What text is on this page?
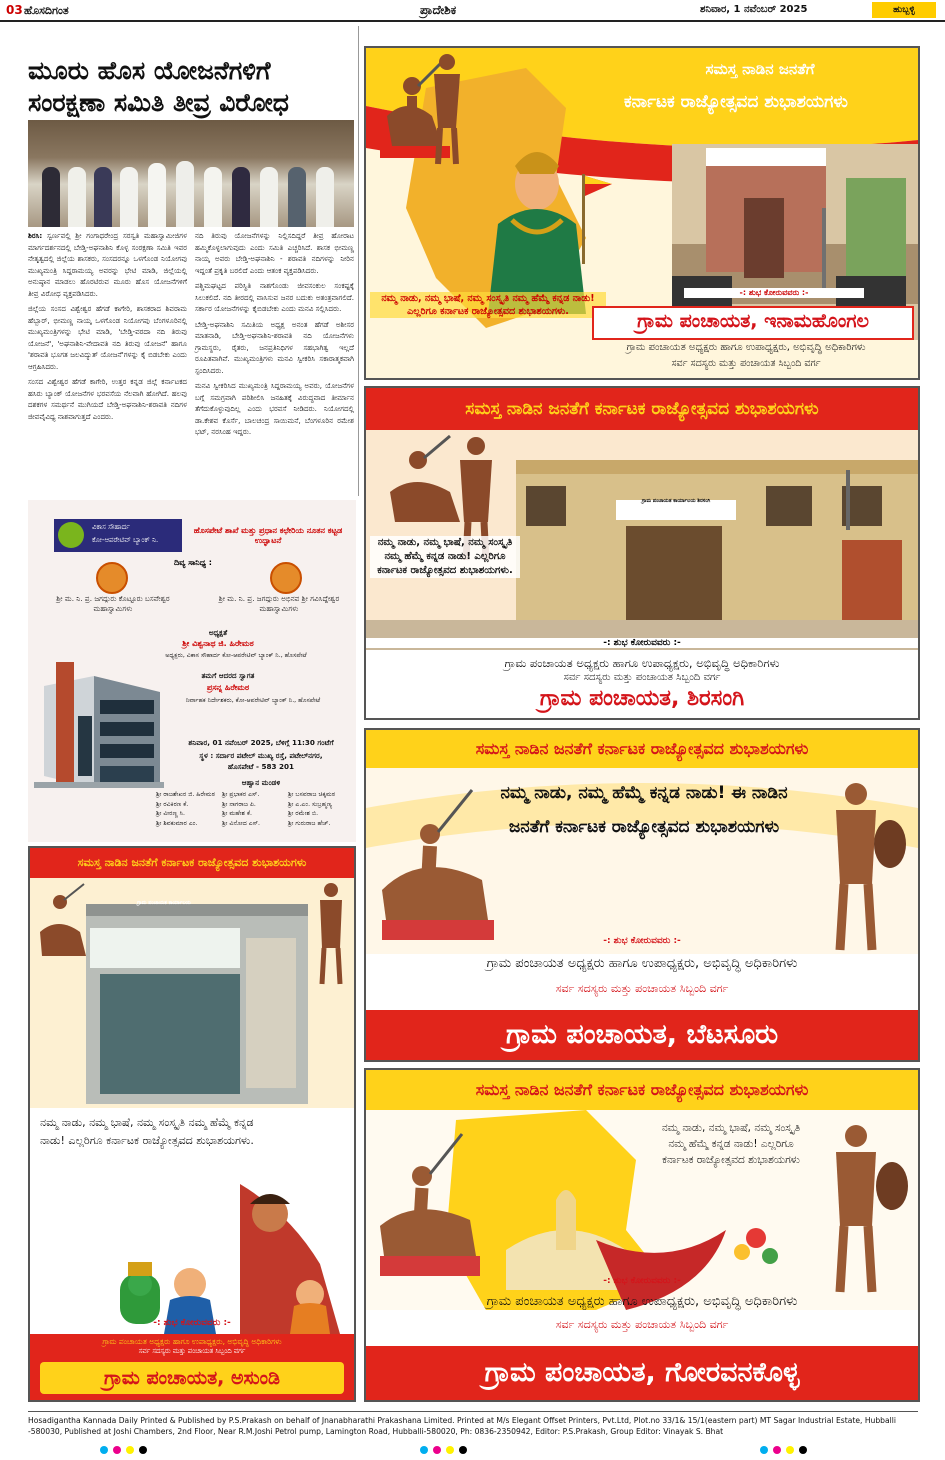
03 ಹೊಸದಿಗಂತ	ಪ್ರಾದೇಶಿಕ	ಶನಿವಾರ, 1 ನವೆಂಬರ್ 2025	ಹುಬ್ಬಳ್ಳಿ
ಮೂರು ಹೊಸ ಯೋಜನೆಗಳಿಗೆ
ಸಂರಕ್ಷಣಾ ಸಮಿತಿ ತೀವ್ರ ವಿರೋಧ

ಶಿರಸಿ: ಸ್ವರ್ಣವಲ್ಲಿ ಶ್ರೀ ಗಂಗಾಧರೇಂದ್ರ ಸರಸ್ವತಿ ಮಹಾಸ್ವಾಮೀಜಿಗಳ ಮಾರ್ಗದರ್ಶನದಲ್ಲಿ ಬೇಡ್ತಿ-ಅಘನಾಶಿನಿ ಕೊಳ್ಳ ಸಂರಕ್ಷಣಾ ಸಮಿತಿ ಇವರ ನೇತೃತ್ವದಲ್ಲಿ ಜಿಲ್ಲೆಯ ಶಾಸಕರು, ಸಂಸದರನ್ನೂ ಒಳಗೊಂಡ ನಿಯೋಗವು ಮುಖ್ಯಮಂತ್ರಿ ಸಿದ್ದರಾಮಯ್ಯ ಅವರನ್ನು ಭೇಟಿ ಮಾಡಿ, ಜಿಲ್ಲೆಯಲ್ಲಿ ಅನುಷ್ಠಾನ ಮಾಡಲು ಹೊರಟಿರುವ ಮೂರು ಹೊಸ ಯೋಜನೆಗಳಿಗೆ ತೀವ್ರ ವಿರೋಧ ವ್ಯಕ್ತಪಡಿಸಿದರು.

ಜಿಲ್ಲೆಯ ಸಂಸದ ವಿಶ್ವೇಶ್ವರ ಹೆಗಡೆ ಕಾಗೇರಿ, ಶಾಸಕರಾದ ಶಿವರಾಮ ಹೆಬ್ಬಾರ್, ಭೀಮಣ್ಣ ನಾಯ್ಕ ಒಳಗೊಂಡ ನಿಯೋಗವು ಬೆಂಗಳೂರಿನಲ್ಲಿ ಮುಖ್ಯಮಂತ್ರಿಗಳನ್ನು ಭೇಟಿ ಮಾಡಿ, 'ಬೇಡ್ತಿ-ವರದಾ ನದಿ ತಿರುವು ಯೋಜನೆ', 'ಅಘನಾಶಿನಿ-ವೇದಾವತಿ ನದಿ ತಿರುವು ಯೋಜನೆ' ಹಾಗೂ 'ಶರಾವತಿ ಭೂಗತ ಜಲವಿದ್ಯುತ್ ಯೋಜನೆ'ಗಳನ್ನು ಕೈ ಬಿಡಬೇಕು ಎಂದು ಆಗ್ರಹಿಸಿದರು.

ಸಂಸದ ವಿಶ್ವೇಶ್ವರ ಹೆಗಡೆ ಕಾಗೇರಿ, ಉತ್ತರ ಕನ್ನಡ ಜಿಲ್ಲೆ ಕರ್ನಾಟಕದ ಹಸಿರು ಬ್ಯಾಂಕ್ ಯೋಜನೆಗಳ ಭರವಸೆಯ ನೆಲವಾಗಿ ಹೋಗಿದೆ. ಹಲವು ದಶಕಗಳ ಸಮರ್ಥನೆ ಮುಗಿಯದೆ ಬೇಡ್ತಿ-ಅಘನಾಶಿನಿ-ಶರಾವತಿ ನದಿಗಳ ಜೀವವೈವಿಧ್ಯ ನಾಶವಾಗುತ್ತದೆ ಎಂದರು.

ನದಿ ತಿರುವು ಯೋಜನೆಗಳನ್ನು ನಿಲ್ಲಿಸದಿದ್ದರೆ ತೀವ್ರ ಹೋರಾಟ ಹಮ್ಮಿಕೊಳ್ಳಲಾಗುವುದು ಎಂದು ಸಮಿತಿ ಎಚ್ಚರಿಸಿದೆ. ಶಾಸಕ ಭೀಮಣ್ಣ ನಾಯ್ಕ ಅವರು ಬೇಡ್ತಿ-ಅಘನಾಶಿನಿ - ಶರಾವತಿ ನದಿಗಳನ್ನು ನೀರಿನ ಇದ್ದಂತೆ ಪ್ರಕೃತಿ ಬರಲಿದೆ ಎಂದು ಆತಂಕ ವ್ಯಕ್ತಪಡಿಸಿದರು.

ಪಶ್ಚಿಮಘಟ್ಟದ ಪರಿಸ್ಥಿತಿ ನಾಶಗೊಂಡು ಜೀವಸಂಕುಲ ಸಂಕಷ್ಟಕ್ಕೆ ಸಿಲುಕಲಿದೆ. ನದಿ ತೀರದಲ್ಲಿ ವಾಸಿಸುವ ಜನರ ಬದುಕು ಅತಂತ್ರವಾಗಲಿದೆ. ಸರ್ಕಾರ ಯೋಜನೆಗಳನ್ನು ಕೈಬಿಡಬೇಕು ಎಂದು ಮನವಿ ಸಲ್ಲಿಸಿದರು.

ಬೇಡ್ತಿ-ಅಘನಾಶಿನಿ ಸಮಿತಿಯ ಅಧ್ಯಕ್ಷ ಅನಂತ ಹೆಗಡೆ ಅಶೀಸರ ಮಾತನಾಡಿ, ಬೇಡ್ತಿ-ಅಘನಾಶಿನಿ-ಶರಾವತಿ ನದಿ ಯೋಜನೆಗಳು ಗ್ರಾಮಸ್ಥರು, ರೈತರು, ಜನಪ್ರತಿನಿಧಿಗಳ ಸಹಭಾಗಿತ್ವ ಇಲ್ಲದೆ ರೂಪಿತವಾಗಿವೆ. ಮುಖ್ಯಮಂತ್ರಿಗಳು ಮನವಿ ಸ್ವೀಕರಿಸಿ ಸಕಾರಾತ್ಮಕವಾಗಿ ಸ್ಪಂದಿಸಿದರು.

ಮನವಿ ಸ್ವೀಕರಿಸಿದ ಮುಖ್ಯಮಂತ್ರಿ ಸಿದ್ದರಾಮಯ್ಯ ಅವರು, ಯೋಜನೆಗಳ ಬಗ್ಗೆ ಸಮಗ್ರವಾಗಿ ಪರಿಶೀಲಿಸಿ ಜನಹಿತಕ್ಕೆ ವಿರುದ್ಧವಾದ ತೀರ್ಮಾನ ತೆಗೆದುಕೊಳ್ಳುವುದಿಲ್ಲ ಎಂದು ಭರವಸೆ ನೀಡಿದರು. ನಿಯೋಗದಲ್ಲಿ ಡಾ.ಕೇಶವ ಕೊರ್ಸೆ, ಬಾಲಚಂದ್ರ ಸಾಯಿಮನೆ, ಬೆಂಗಳೂರಿನ ರಮೇಶ ಭಟ್, ನರಸಿಂಹ ಇದ್ದರು.

ವಿಕಾಸ ಸೌಹಾರ್ದ
ಕೋ-ಆಪರೇಟಿವ್ ಬ್ಯಾಂಕ್ ನಿ.
ಹೊಸಪೇಟೆ ಶಾಖೆ ಮತ್ತು ಪ್ರಧಾನ ಕಛೇರಿಯ ನೂತನ ಕಟ್ಟಡ ಉದ್ಘಾಟನೆ
ದಿವ್ಯ ಸಾನಿಧ್ಯ :
ಶ್ರೀ ಮ. ನಿ. ಪ್ರ. ಜಗದ್ಗುರು ಕೊಟ್ಟೂರು ಬಸವೇಶ್ವರ ಮಹಾಸ್ವಾಮಿಗಳು
ಶ್ರೀ ಮ. ನಿ. ಪ್ರ. ಜಗದ್ಗುರು ಅಭಿನವ ಶ್ರೀ ಗವಿಸಿದ್ದೇಶ್ವರ ಮಹಾಸ್ವಾಮಿಗಳು
ಅಧ್ಯಕ್ಷತೆ
ಶ್ರೀ ವಿಶ್ವನಾಥ ಜಿ. ಹಿರೇಮಠ
ಅಧ್ಯಕ್ಷರು, ವಿಕಾಸ ಸೌಹಾರ್ದ ಕೋ-ಆಪರೇಟಿವ್ ಬ್ಯಾಂಕ್ ನಿ., ಹೊಸಪೇಟೆ
ತಮಗೆ ಆದರದ ಸ್ವಾಗತ
ಪ್ರಸನ್ನ ಹಿರೇಮಠ
ನಿರ್ವಾಹಕ ನಿರ್ದೇಶಕರು, ಕೋ-ಆಪರೇಟಿವ್ ಬ್ಯಾಂಕ್ ನಿ., ಹೊಸಪೇಟೆ
ಶನಿವಾರ, 01 ನವೆಂಬರ್ 2025, ಬೆಳಿಗ್ಗೆ 11:30 ಗಂಟೆಗೆ
ಸ್ಥಳ : ಸರ್ದಾರ ಪಟೇಲ್ ಮುಖ್ಯ ರಸ್ತೆ, ಪಟೇಲ್‌ನಗರ,
ಹೊಸಪೇಟೆ - 583 201
ಆಹ್ವಾನ ಮಂಡಳಿ
ಶ್ರೀ ರಾಜಶೇಖರ ಜಿ. ಹಿರೇಮಠ
ಶ್ರೀ ರವಿಕಿರಣ ಕೆ.
ಶ್ರೀ ವೀರಣ್ಣ ಸಿ.
ಶ್ರೀ ಶಿವಕುಮಾರ ಎಂ.
ಶ್ರೀ ಪ್ರಭಾಕರ ಎಸ್.
ಶ್ರೀ ನಾಗರಾಜ ಪಿ.
ಶ್ರೀ ಮಹೇಶ ಕೆ.
ಶ್ರೀ ವಿನೋದ ಎಸ್.
ಶ್ರೀ ಬಸವರಾಜ ಚಿಕ್ಕಮಠ
ಶ್ರೀ ಎ.ಎಂ. ಸುಬ್ರಹ್ಮಣ್ಯ
ಶ್ರೀ ರಮೇಶ ಬಿ.
ಶ್ರೀ ಗುರುರಾಜ ಹೆಚ್.
ಸಮಸ್ತ ನಾಡಿನ ಜನತೆಗೆ
ಕರ್ನಾಟಕ ರಾಜ್ಯೋತ್ಸವದ ಶುಭಾಶಯಗಳು
ಗ್ರಾಮ ಪಂಚಾಯತ ಕಾರ್ಯಾಲಯ ಇನಾಮಹೊಂಗಲ
ನಮ್ಮ ನಾಡು, ನಮ್ಮ ಭಾಷೆ, ನಮ್ಮ ಸಂಸ್ಕೃತಿ ನಮ್ಮ ಹೆಮ್ಮೆ ಕನ್ನಡ ನಾಡು! ಎಲ್ಲರಿಗೂ ಕರ್ನಾಟಕ ರಾಜ್ಯೋತ್ಸವದ ಶುಭಾಶಯಗಳು.
-: ಶುಭ ಕೋರುವವರು :-
ಗ್ರಾಮ ಪಂಚಾಯತ, ಇನಾಮಹೊಂಗಲ
ಗ್ರಾಮ ಪಂಚಾಯತ ಅಧ್ಯಕ್ಷರು ಹಾಗೂ ಉಪಾಧ್ಯಕ್ಷರು, ಅಭಿವೃದ್ಧಿ ಅಧಿಕಾರಿಗಳು
ಸರ್ವ ಸದಸ್ಯರು ಮತ್ತು ಪಂಚಾಯತ ಸಿಬ್ಬಂದಿ ವರ್ಗ
ಸಮಸ್ತ ನಾಡಿನ ಜನತೆಗೆ ಕರ್ನಾಟಕ ರಾಜ್ಯೋತ್ಸವದ ಶುಭಾಶಯಗಳು
ನಮ್ಮ ನಾಡು, ನಮ್ಮ ಭಾಷೆ, ನಮ್ಮ ಸಂಸ್ಕೃತಿ ನಮ್ಮ ಹೆಮ್ಮೆ ಕನ್ನಡ ನಾಡು! ಎಲ್ಲರಿಗೂ ಕರ್ನಾಟಕ ರಾಜ್ಯೋತ್ಸವದ ಶುಭಾಶಯಗಳು.
ಗ್ರಾಮ ಪಂಚಾಯತ ಕಾರ್ಯಾಲಯ ಶಿರಸಂಗಿ
-: ಶುಭ ಕೋರುವವರು :-
ಗ್ರಾಮ ಪಂಚಾಯತ ಅಧ್ಯಕ್ಷರು ಹಾಗೂ ಉಪಾಧ್ಯಕ್ಷರು, ಅಭಿವೃದ್ಧಿ ಅಧಿಕಾರಿಗಳು
ಸರ್ವ ಸದಸ್ಯರು ಮತ್ತು ಪಂಚಾಯತ ಸಿಬ್ಬಂದಿ ವರ್ಗ
ಗ್ರಾಮ ಪಂಚಾಯತ, ಶಿರಸಂಗಿ
ಸಮಸ್ತ ನಾಡಿನ ಜನತೆಗೆ ಕರ್ನಾಟಕ ರಾಜ್ಯೋತ್ಸವದ ಶುಭಾಶಯಗಳು
ನಮ್ಮ ನಾಡು, ನಮ್ಮ ಹೆಮ್ಮೆ ಕನ್ನಡ ನಾಡು! ಈ ನಾಡಿನ ಜನತೆಗೆ ಕರ್ನಾಟಕ ರಾಜ್ಯೋತ್ಸವದ ಶುಭಾಶಯಗಳು
-: ಶುಭ ಕೋರುವವರು :-
ಗ್ರಾಮ ಪಂಚಾಯತ ಅಧ್ಯಕ್ಷರು ಹಾಗೂ ಉಪಾಧ್ಯಕ್ಷರು, ಅಭಿವೃದ್ಧಿ ಅಧಿಕಾರಿಗಳು
ಸರ್ವ ಸದಸ್ಯರು ಮತ್ತು ಪಂಚಾಯತ ಸಿಬ್ಬಂದಿ ವರ್ಗ
ಗ್ರಾಮ ಪಂಚಾಯತ, ಬೆಟಸೂರು
ಸಮಸ್ತ ನಾಡಿನ ಜನತೆಗೆ ಕರ್ನಾಟಕ ರಾಜ್ಯೋತ್ಸವದ ಶುಭಾಶಯಗಳು
ಗ್ರಾಮ ಪಂಚಾಯತ ಕಾರ್ಯಾಲಯ
ನಮ್ಮ ನಾಡು, ನಮ್ಮ ಭಾಷೆ, ನಮ್ಮ ಸಂಸ್ಕೃತಿ ನಮ್ಮ ಹೆಮ್ಮೆ ಕನ್ನಡ ನಾಡು! ಎಲ್ಲರಿಗೂ ಕರ್ನಾಟಕ ರಾಜ್ಯೋತ್ಸವದ ಶುಭಾಶಯಗಳು.
-: ಶುಭ ಕೋರುವವರು :-
ಗ್ರಾಮ ಪಂಚಾಯತ ಅಧ್ಯಕ್ಷರು ಹಾಗೂ ಉಪಾಧ್ಯಕ್ಷರು, ಅಭಿವೃದ್ಧಿ ಅಧಿಕಾರಿಗಳು
ಸರ್ವ ಸದಸ್ಯರು ಮತ್ತು ಪಂಚಾಯತ ಸಿಬ್ಬಂದಿ ವರ್ಗ
ಗ್ರಾಮ ಪಂಚಾಯತ, ಅಸುಂಡಿ
ಸಮಸ್ತ ನಾಡಿನ ಜನತೆಗೆ ಕರ್ನಾಟಕ ರಾಜ್ಯೋತ್ಸವದ ಶುಭಾಶಯಗಳು
ನಮ್ಮ ನಾಡು, ನಮ್ಮ ಭಾಷೆ, ನಮ್ಮ ಸಂಸ್ಕೃತಿ ನಮ್ಮ ಹೆಮ್ಮೆ ಕನ್ನಡ ನಾಡು! ಎಲ್ಲರಿಗೂ ಕರ್ನಾಟಕ ರಾಜ್ಯೋತ್ಸವದ ಶುಭಾಶಯಗಳು
-: ಶುಭ ಕೋರುವವರು :-
ಗ್ರಾಮ ಪಂಚಾಯತ ಅಧ್ಯಕ್ಷರು ಹಾಗೂ ಉಪಾಧ್ಯಕ್ಷರು, ಅಭಿವೃದ್ಧಿ ಅಧಿಕಾರಿಗಳು
ಸರ್ವ ಸದಸ್ಯರು ಮತ್ತು ಪಂಚಾಯತ ಸಿಬ್ಬಂದಿ ವರ್ಗ
ಗ್ರಾಮ ಪಂಚಾಯತ, ಗೋರವನಕೊಳ್ಳ
Hosadigantha Kannada Daily Printed & Published by P.S.Prakash on behalf of Jnanabharathi Prakashana Limited. Printed at M/s Elegant Offset Printers, Pvt.Ltd, Plot.no 33/1& 15/1(eastern part) MT Sagar Industrial Estate, Hubballi -580030, Published at Joshi Chambers, 2nd Floor, Near R.M.Joshi Petrol pump, Lamington Road, Hubballi-580020, Ph: 0836-2350942, Editor: P.S.Prakash, Group Editor: Vinayak S. Bhat
